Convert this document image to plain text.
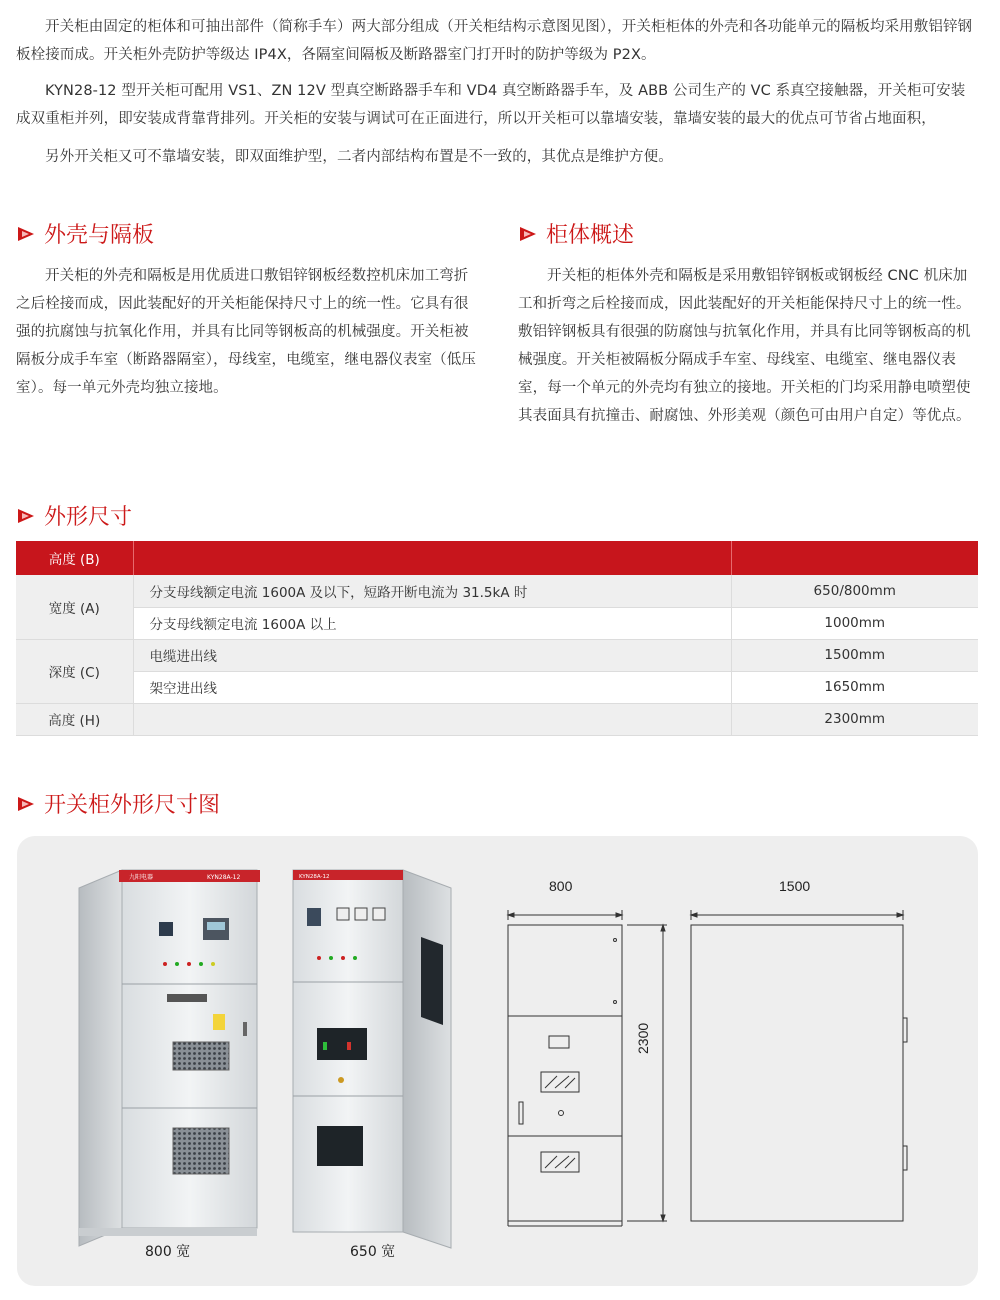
开关柜由固定的柜体和可抽出部件（简称手车）两大部分组成（开关柜结构示意图见图），开关柜柜体的外壳和各功能单元的隔板均采用敷铝锌钢板栓接而成。开关柜外壳防护等级达 IP4X，各隔室间隔板及断路器室门打开时的防护等级为 P2X。

KYN28-12 型开关柜可配用 VS1、ZN 12V 型真空断路器手车和 VD4 真空断路器手车，及 ABB 公司生产的 VC 系真空接触器，开关柜可安装成双重柜并列，即安装成背靠背排列。开关柜的安装与调试可在正面进行，所以开关柜可以靠墙安装，靠墙安装的最大的优点可节省占地面积，

另外开关柜又可不靠墙安装，即双面维护型，二者内部结构布置是不一致的，其优点是维护方便。

外壳与隔板

开关柜的外壳和隔板是用优质进口敷铝锌钢板经数控机床加工弯折之后栓接而成，因此装配好的开关柜能保持尺寸上的统一性。它具有很强的抗腐蚀与抗氧化作用，并具有比同等钢板高的机械强度。开关柜被隔板分成手车室（断路器隔室），母线室，电缆室，继电器仪表室（低压室）。每一单元外壳均独立接地。

柜体概述

开关柜的柜体外壳和隔板是采用敷铝锌钢板或钢板经 CNC 机床加工和折弯之后栓接而成，因此装配好的开关柜能保持尺寸上的统一性。敷铝锌钢板具有很强的防腐蚀与抗氧化作用，并具有比同等钢板高的机械强度。开关柜被隔板分隔成手车室、母线室、电缆室、继电器仪表室，每一个单元的外壳均有独立的接地。开关柜的门均采用静电喷塑使其表面具有抗撞击、耐腐蚀、外形美观（颜色可由用户自定）等优点。

外形尺寸
高度 (B)		
宽度 (A)	分支母线额定电流 1600A 及以下，短路开断电流为 31.5kA 时	650/800mm
	分支母线额定电流 1600A 以上	1000mm
深度 (C)	电缆进出线	1500mm
	架空进出线	1650mm
高度 (H)		2300mm
开关柜外形尺寸图
九阳电器	KYN28A-12	KYN28A-12
800	1500
2300
800 宽	650 宽
